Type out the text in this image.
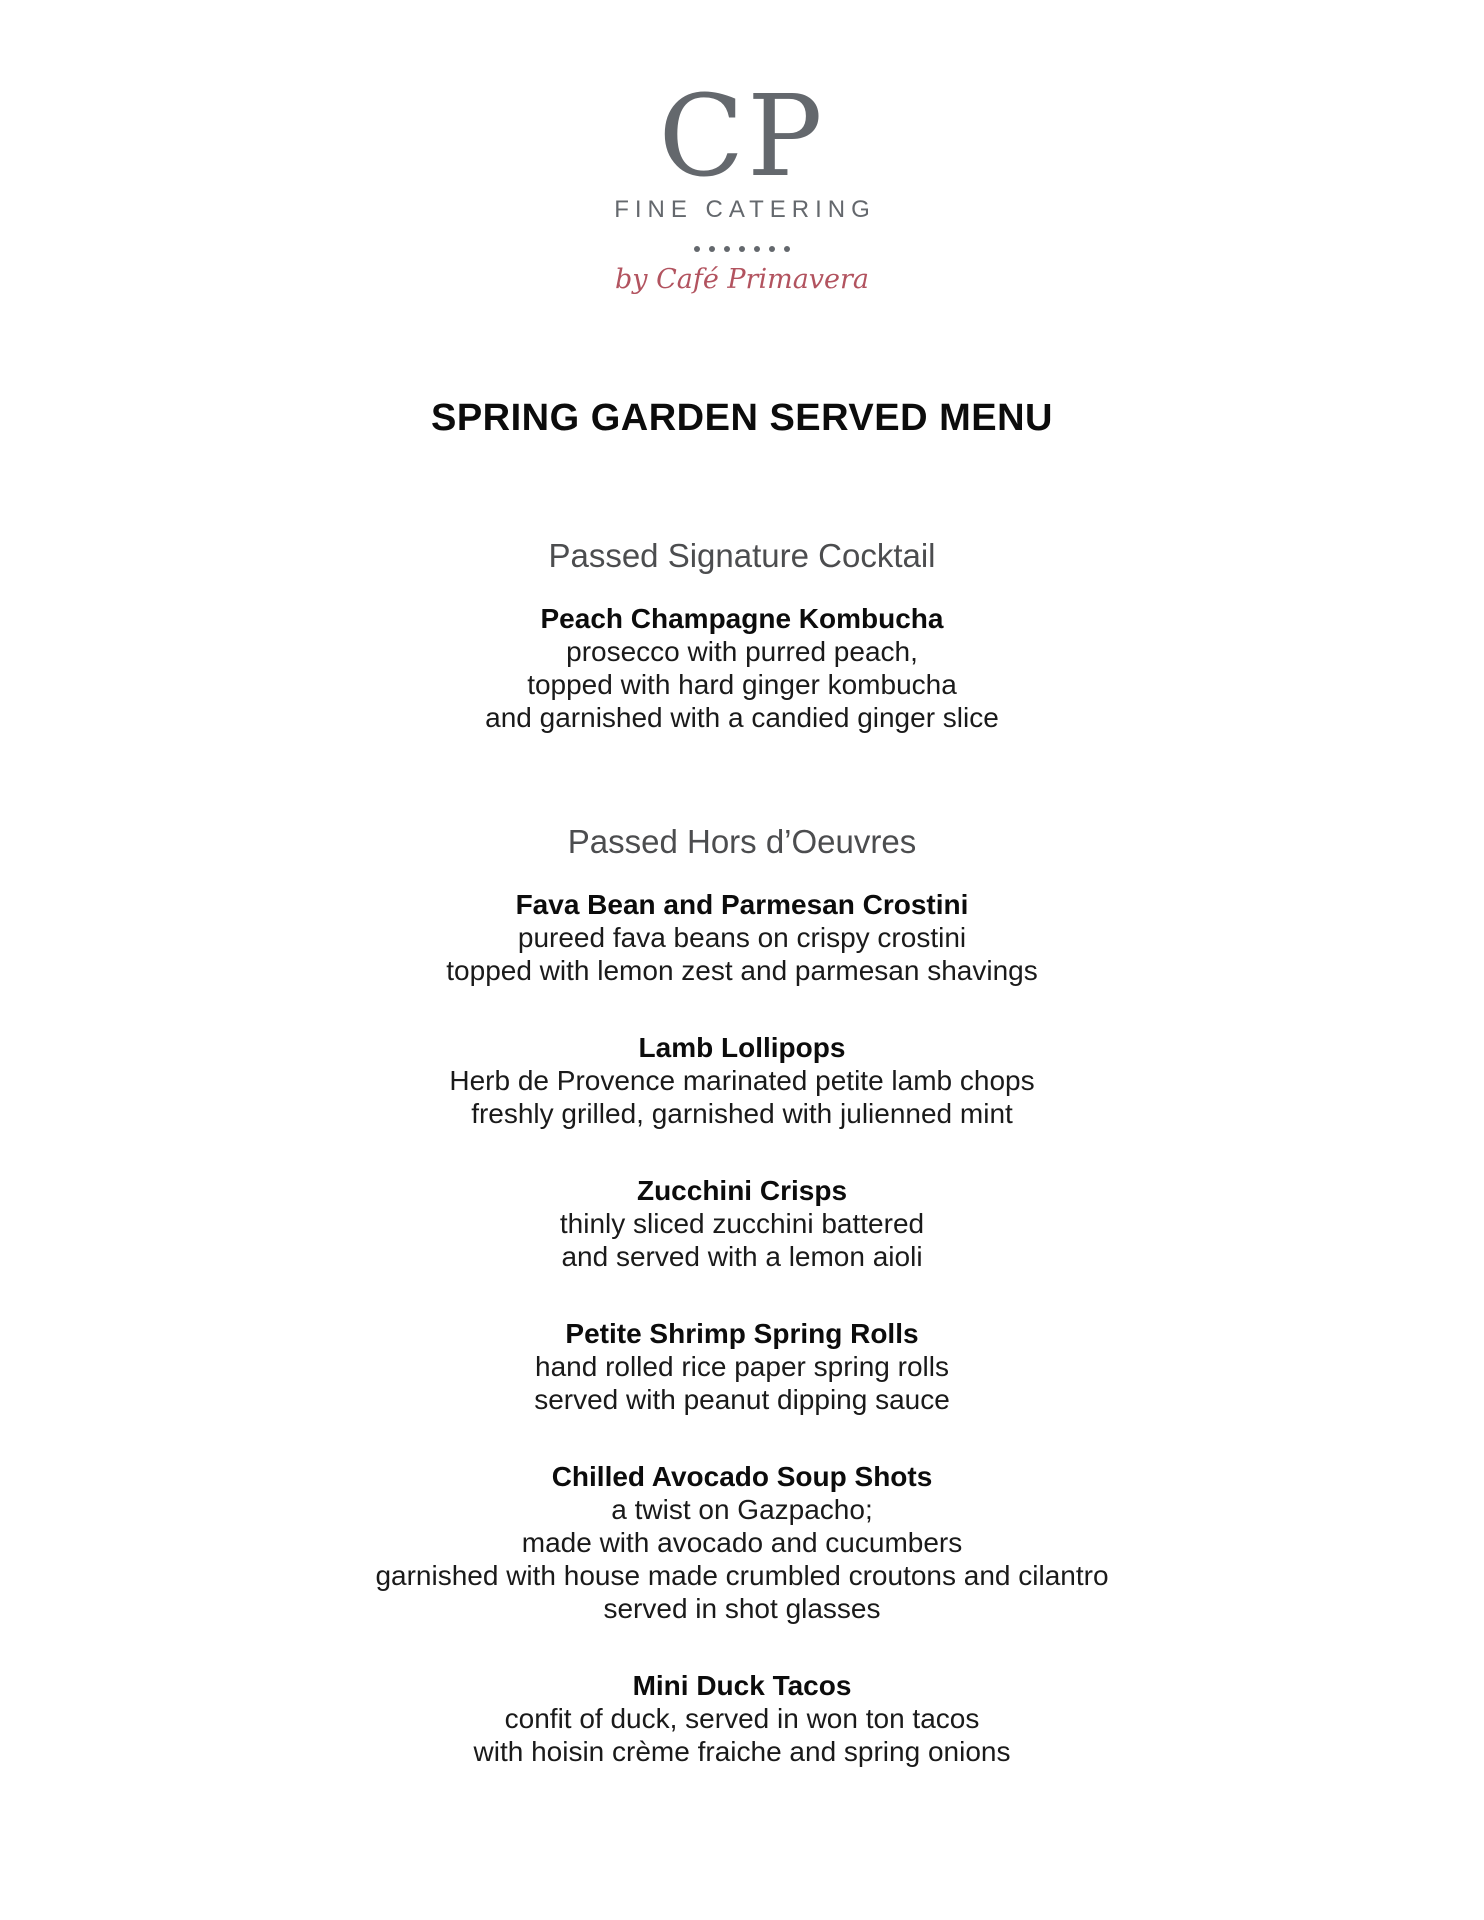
CP
FINE CATERING
by Café Primavera
SPRING GARDEN SERVED MENU
Passed Signature Cocktail
Peach Champagne Kombucha
prosecco with purred peach,
topped with hard ginger kombucha
and garnished with a candied ginger slice
Passed Hors d’Oeuvres
Fava Bean and Parmesan Crostini
pureed fava beans on crispy crostini
topped with lemon zest and parmesan shavings
Lamb Lollipops
Herb de Provence marinated petite lamb chops
freshly grilled, garnished with julienned mint
Zucchini Crisps
thinly sliced zucchini battered
and served with a lemon aioli
Petite Shrimp Spring Rolls
hand rolled rice paper spring rolls
served with peanut dipping sauce
Chilled Avocado Soup Shots
a twist on Gazpacho;
made with avocado and cucumbers
garnished with house made crumbled croutons and cilantro
served in shot glasses
Mini Duck Tacos
confit of duck, served in won ton tacos
with hoisin crème fraiche and spring onions
